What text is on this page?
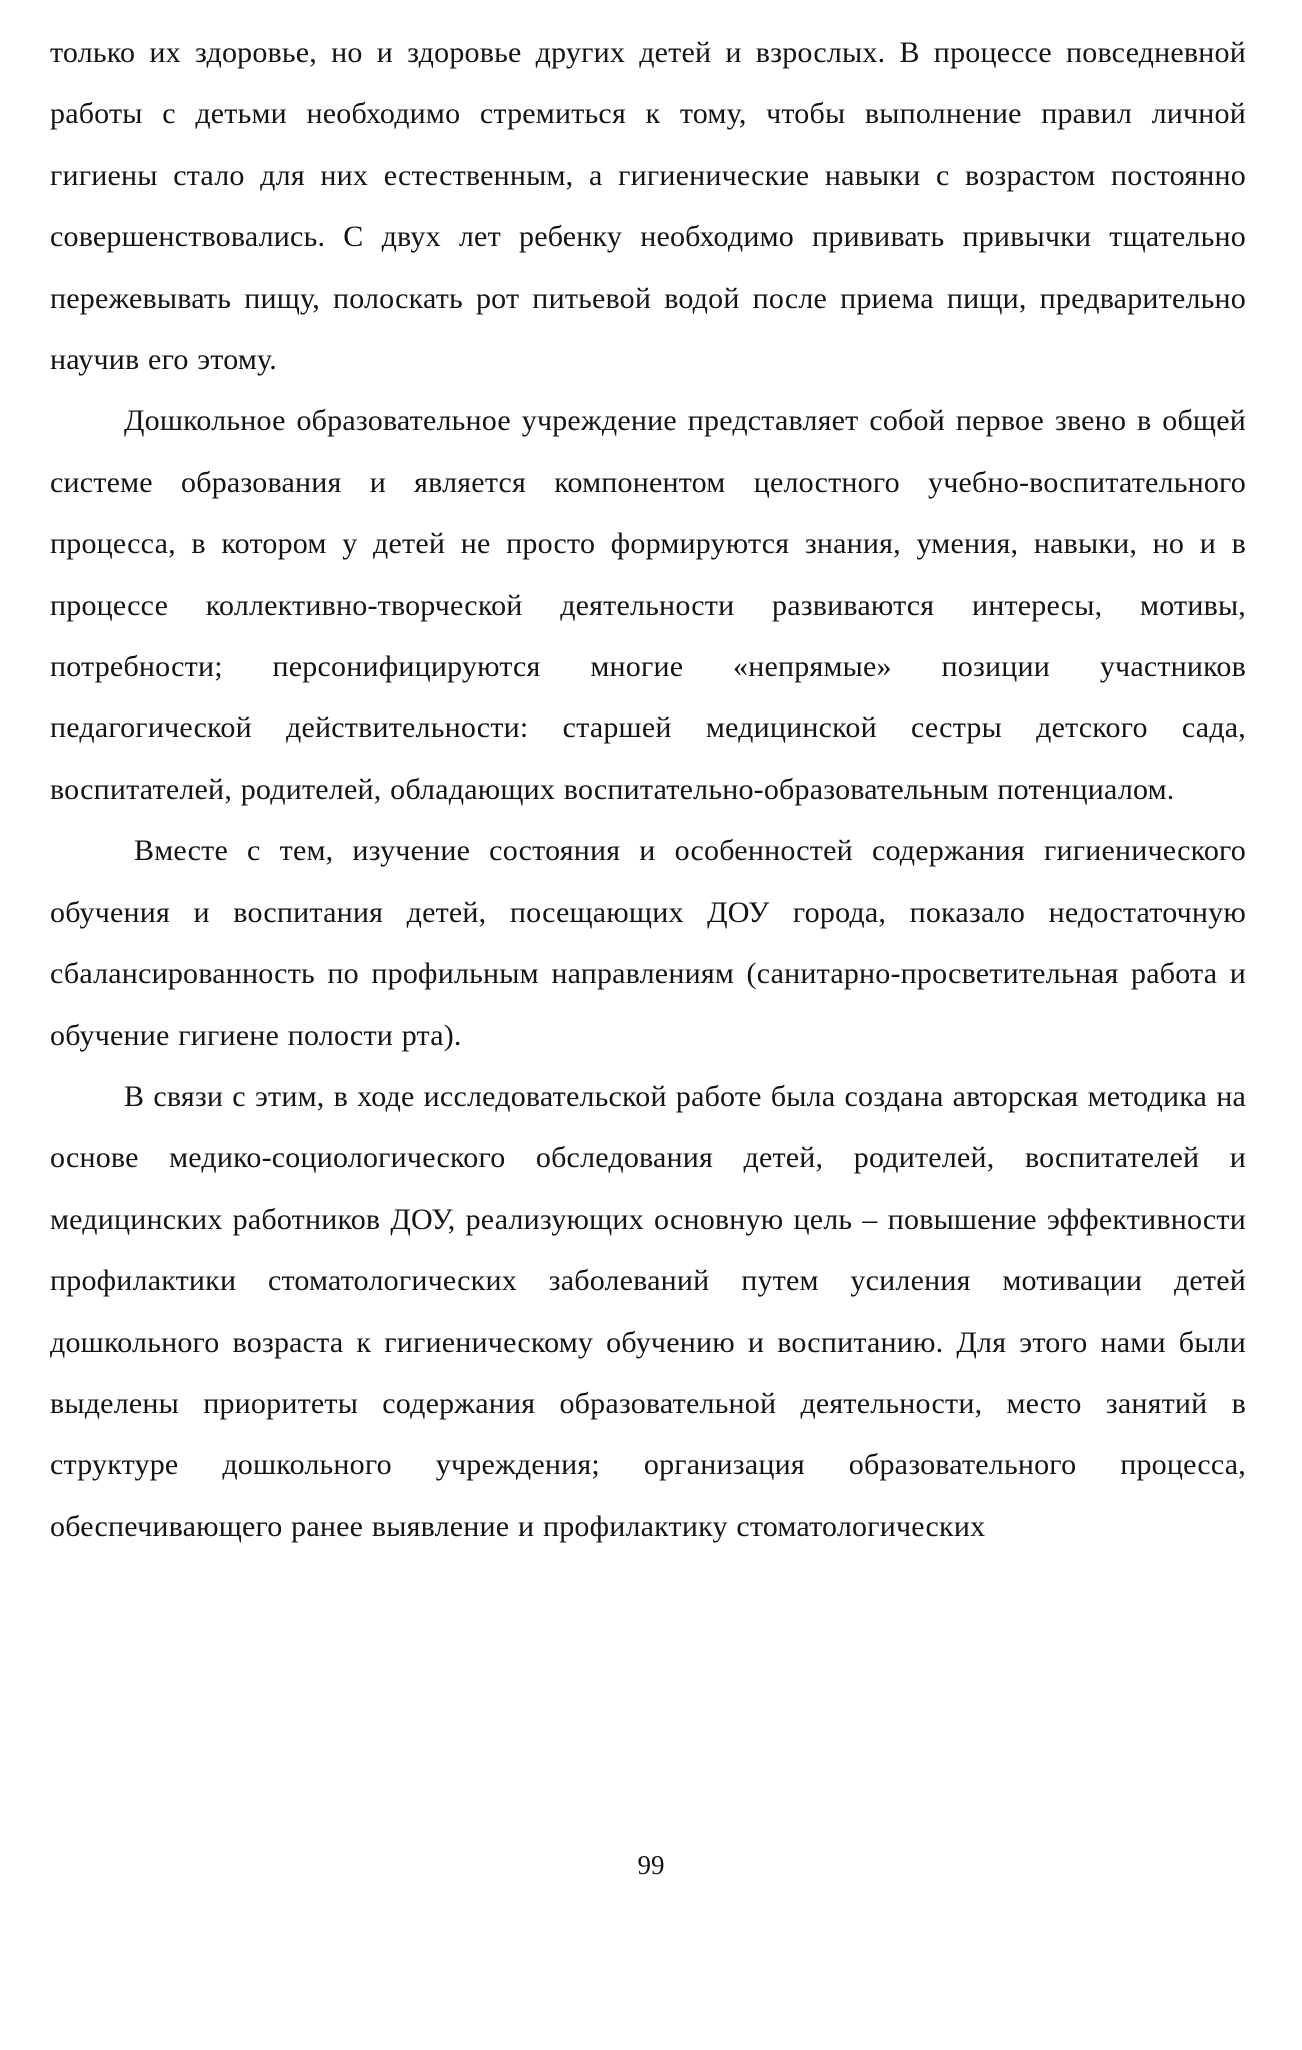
только их здоровье, но и здоровье других детей и взрослых. В процессе повседневной работы с детьми необходимо стремиться к тому, чтобы выполнение правил личной гигиены стало для них естественным, а гигиенические навыки с возрастом постоянно совершенствовались. С двух лет ребенку необходимо прививать привычки тщательно пережевывать пищу, полоскать рот питьевой водой после приема пищи, предварительно научив его этому.

Дошкольное образовательное учреждение представляет собой первое звено в общей системе образования и является компонентом целостного учебно-воспитательного процесса, в котором у детей не просто формируются знания, умения, навыки, но и в процессе коллективно-творческой деятельности развиваются интересы, мотивы, потребности; персонифицируются многие «непрямые» позиции участников педагогической действительности: старшей медицинской сестры детского сада, воспитателей, родителей, обладающих воспитательно-образовательным потенциалом.

Вместе с тем, изучение состояния и особенностей содержания гигиенического обучения и воспитания детей, посещающих ДОУ города, показало недостаточную сбалансированность по профильным направлениям (санитарно-просветительная работа и обучение гигиене полости рта).

В связи с этим, в ходе исследовательской работе была создана авторская методика на основе медико-социологического обследования детей, родителей, воспитателей и медицинских работников ДОУ, реализующих основную цель – повышение эффективности профилактики стоматологических заболеваний путем усиления мотивации детей дошкольного возраста к гигиеническому обучению и воспитанию. Для этого нами были выделены приоритеты содержания образовательной деятельности, место занятий в структуре дошкольного учреждения; организация образовательного процесса, обеспечивающего ранее выявление и профилактику стоматологических

99
